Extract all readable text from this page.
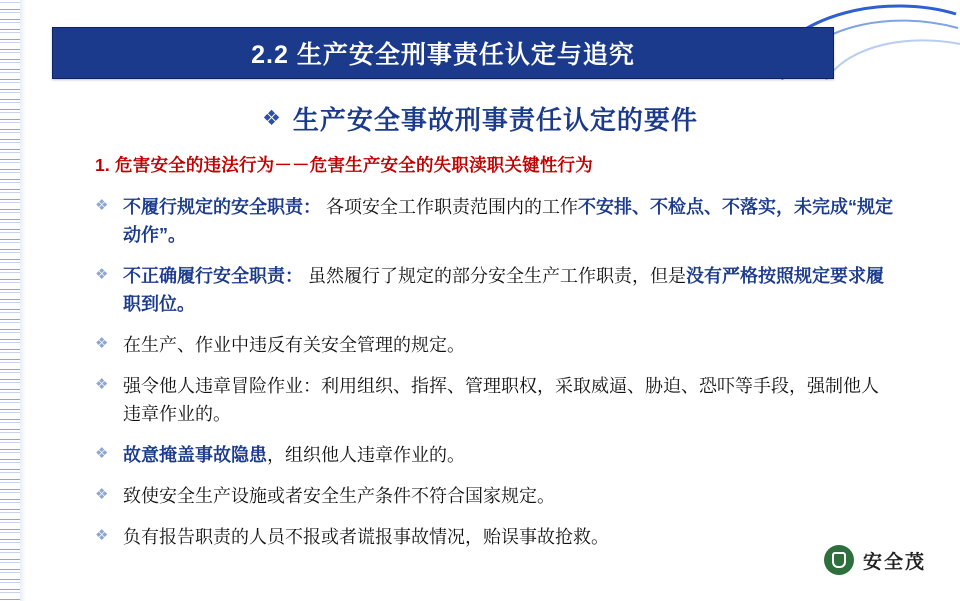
2.2 生产安全刑事责任认定与追究
❖ 生产安全事故刑事责任认定的要件
1. 危害安全的违法行为－－危害生产安全的失职渎职关键性行为
❖ 不履行规定的安全职责： 各项安全工作职责范围内的工作不安排、不检点、不落实，未完成“规定动作”。
❖ 不正确履行安全职责： 虽然履行了规定的部分安全生产工作职责，但是没有严格按照规定要求履职到位。
❖ 在生产、作业中违反有关安全管理的规定。
❖ 强令他人违章冒险作业：利用组织、指挥、管理职权，采取威逼、胁迫、恐吓等手段，强制他人违章作业的。
❖ 故意掩盖事故隐患，组织他人违章作业的。
❖ 致使安全生产设施或者安全生产条件不符合国家规定。
❖ 负有报告职责的人员不报或者谎报事故情况，贻误事故抢救。
安全茂
